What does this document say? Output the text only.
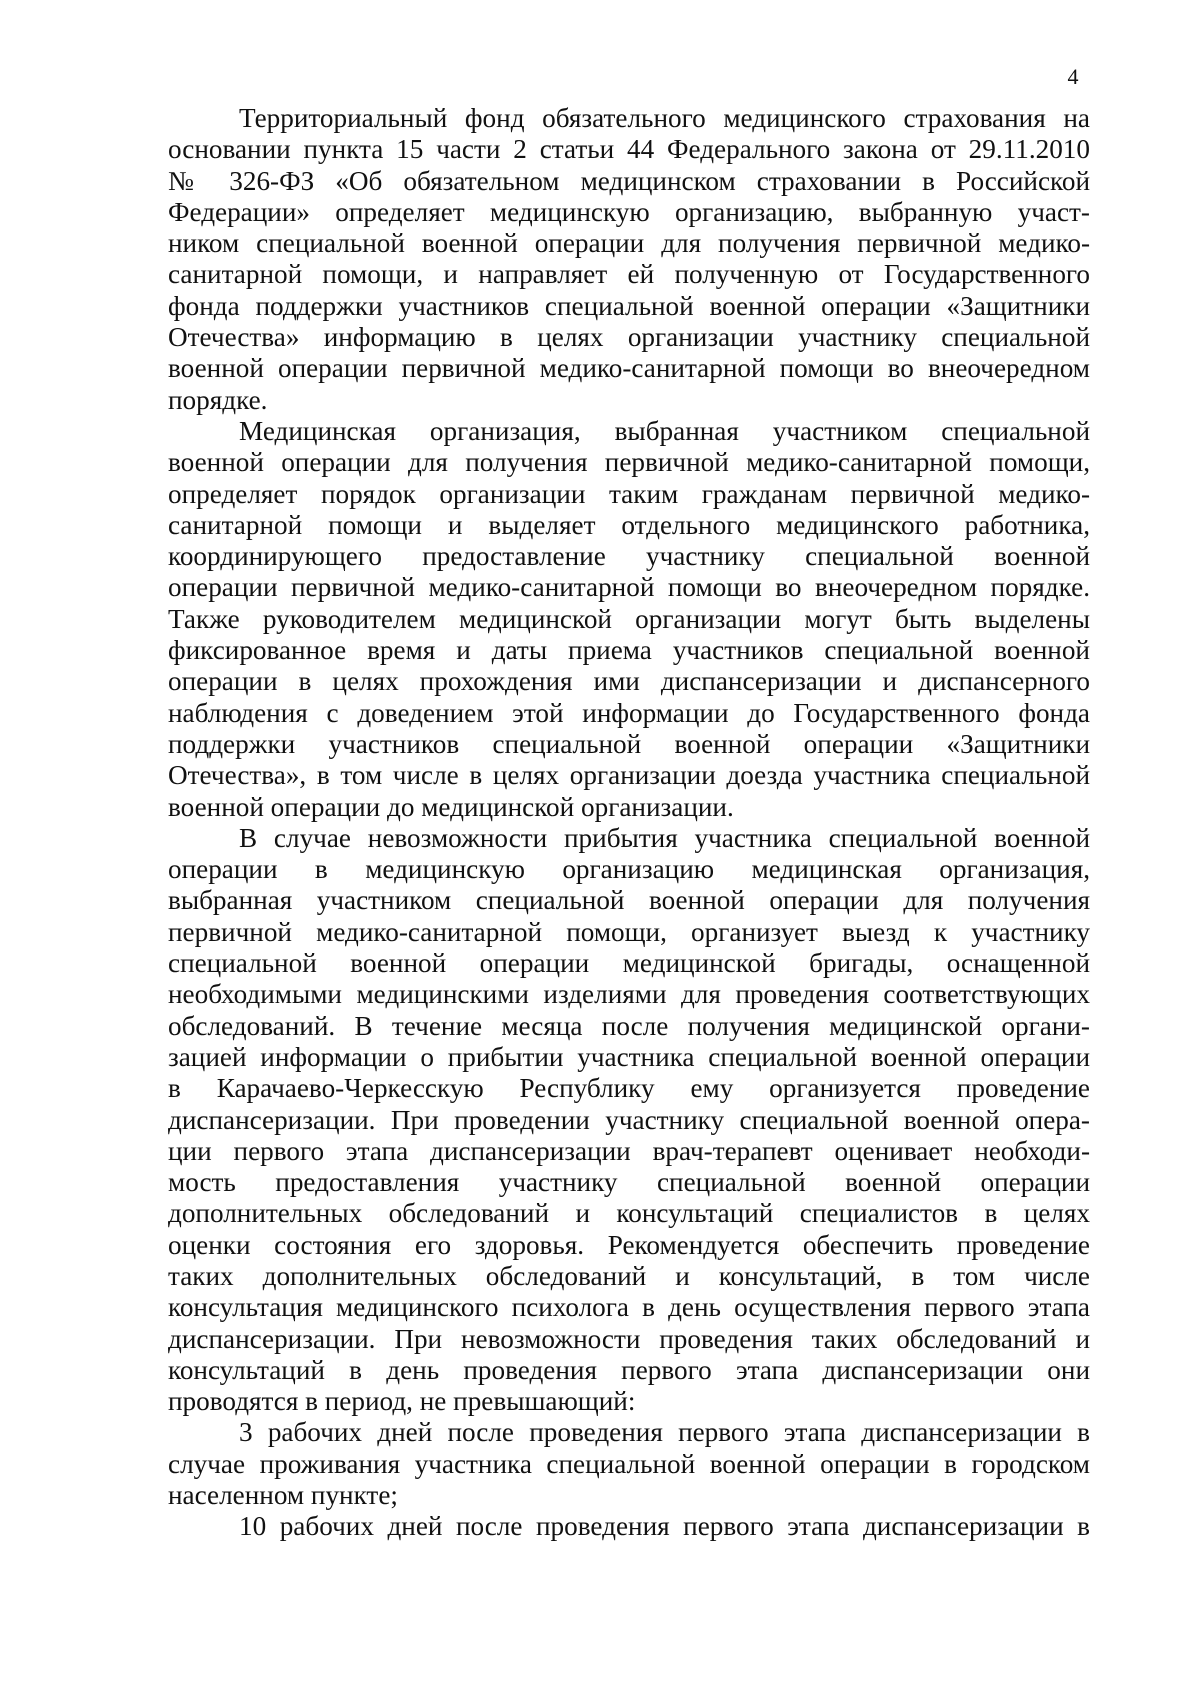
4
Территориальный фонд обязательного медицинского страхования на
основании пункта 15 части 2 статьи 44 Федерального закона от 29.11.2010
№ 326-ФЗ «Об обязательном медицинском страховании в Российской
Федерации» определяет медицинскую организацию, выбранную участ-
ником специальной военной операции для получения первичной медико-
санитарной помощи, и направляет ей полученную от Государственного
фонда поддержки участников специальной военной операции «Защитники
Отечества» информацию в целях организации участнику специальной
военной операции первичной медико-санитарной помощи во внеочередном
порядке.
Медицинская организация, выбранная участником специальной
военной операции для получения первичной медико-санитарной помощи,
определяет порядок организации таким гражданам первичной медико-
санитарной помощи и выделяет отдельного медицинского работника,
координирующего предоставление участнику специальной военной
операции первичной медико-санитарной помощи во внеочередном порядке.
Также руководителем медицинской организации могут быть выделены
фиксированное время и даты приема участников специальной военной
операции в целях прохождения ими диспансеризации и диспансерного
наблюдения с доведением этой информации до Государственного фонда
поддержки участников специальной военной операции «Защитники
Отечества», в том числе в целях организации доезда участника специальной
военной операции до медицинской организации.
В случае невозможности прибытия участника специальной военной
операции в медицинскую организацию медицинская организация,
выбранная участником специальной военной операции для получения
первичной медико-санитарной помощи, организует выезд к участнику
специальной военной операции медицинской бригады, оснащенной
необходимыми медицинскими изделиями для проведения соответствующих
обследований. В течение месяца после получения медицинской органи-
зацией информации о прибытии участника специальной военной операции
в Карачаево-Черкесскую Республику ему организуется проведение
диспансеризации. При проведении участнику специальной военной опера-
ции первого этапа диспансеризации врач-терапевт оценивает необходи-
мость предоставления участнику специальной военной операции
дополнительных обследований и консультаций специалистов в целях
оценки состояния его здоровья. Рекомендуется обеспечить проведение
таких дополнительных обследований и консультаций, в том числе
консультация медицинского психолога в день осуществления первого этапа
диспансеризации. При невозможности проведения таких обследований и
консультаций в день проведения первого этапа диспансеризации они
проводятся в период, не превышающий:
3 рабочих дней после проведения первого этапа диспансеризации в
случае проживания участника специальной военной операции в городском
населенном пункте;
10 рабочих дней после проведения первого этапа диспансеризации в
